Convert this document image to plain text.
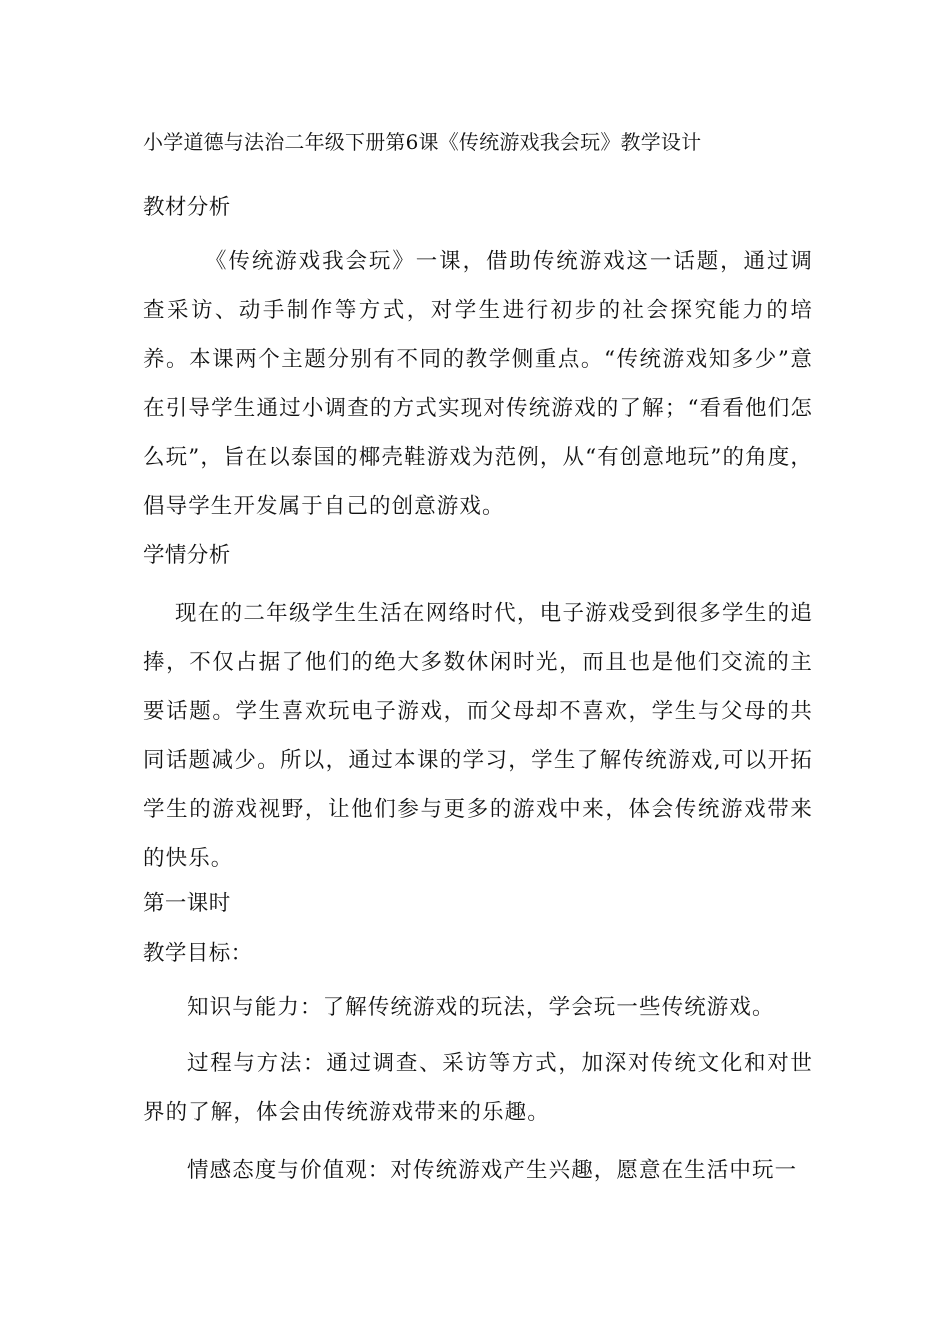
小学道德与法治二年级下册第6课《传统游戏我会玩》教学设计
教材分析
《传统游戏我会玩》一课，借助传统游戏这一话题，通过调查采访、动手制作等方式，对学生进行初步的社会探究能力的培养。本课两个主题分别有不同的教学侧重点。“传统游戏知多少”意在引导学生通过小调查的方式实现对传统游戏的了解；“看看他们怎么玩”，旨在以泰国的椰壳鞋游戏为范例，从“有创意地玩”的角度，倡导学生开发属于自己的创意游戏。
学情分析
现在的二年级学生生活在网络时代，电子游戏受到很多学生的追捧，不仅占据了他们的绝大多数休闲时光，而且也是他们交流的主要话题。学生喜欢玩电子游戏，而父母却不喜欢，学生与父母的共同话题减少。所以，通过本课的学习，学生了解传统游戏,可以开拓学生的游戏视野，让他们参与更多的游戏中来，体会传统游戏带来的快乐。
第一课时
教学目标：
知识与能力：了解传统游戏的玩法，学会玩一些传统游戏。
过程与方法：通过调查、采访等方式，加深对传统文化和对世界的了解，体会由传统游戏带来的乐趣。
情感态度与价值观：对传统游戏产生兴趣，愿意在生活中玩一
